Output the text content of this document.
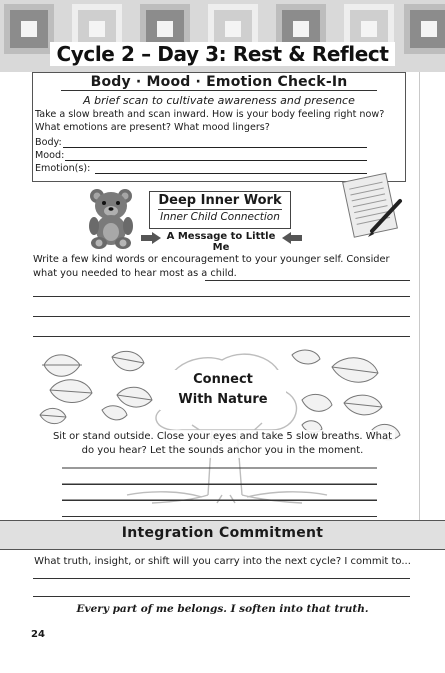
Cycle 2 – Day 3: Rest & Reflect
Body · Mood · Emotion Check-In
A brief scan to cultivate awareness and presence
Take a slow breath and scan inward. How is your body feeling right now? What emotions are present? What mood lingers?
Body:
Mood:
Emotion(s):
Deep Inner Work
Inner Child Connection
A Message to Little Me
Write a few kind words or encouragement to your younger self. Consider what you needed to hear most as a child.
Connect
With Nature
Sit or stand outside. Close your eyes and take 5 slow breaths. What do you hear? Let the sounds anchor you in the moment.
Integration Commitment
What truth, insight, or shift will you carry into the next cycle? I commit to...
Every part of me belongs. I soften into that truth.
24
